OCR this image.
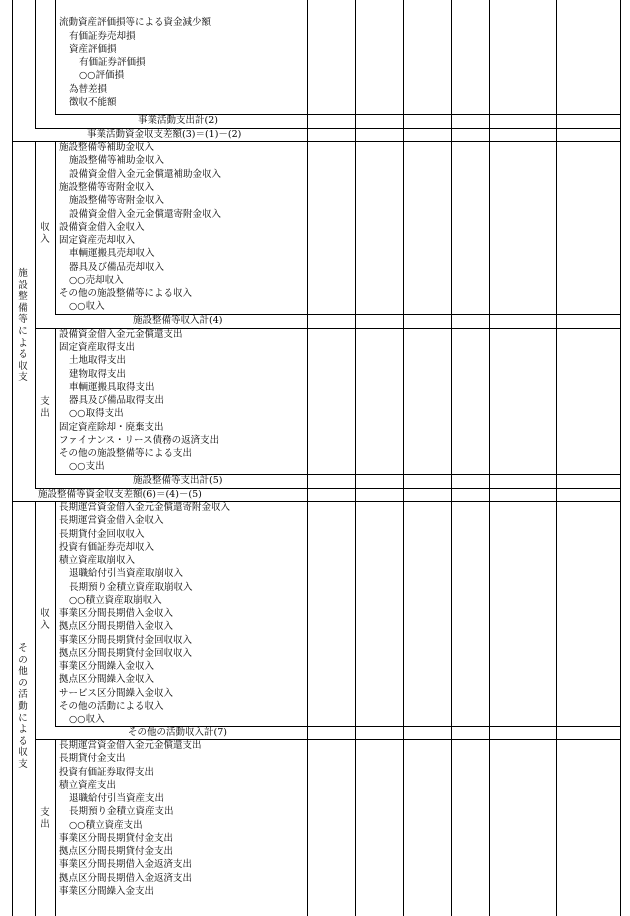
流動資産評価損等による資金減少額
有価証券売却損
資産評価損
有価証券評価損
○○評価損
為替差損
徴収不能額
事業活動支出計(2)
事業活動資金収支差額(3)＝(1)－(2)
施設整備等による収支
収入
施設整備等補助金収入
施設整備等補助金収入
設備資金借入金元金償還補助金収入
施設整備等寄附金収入
施設整備等寄附金収入
設備資金借入金元金償還寄附金収入
設備資金借入金収入
固定資産売却収入
車輌運搬具売却収入
器具及び備品売却収入
○○売却収入
その他の施設整備等による収入
○○収入
施設整備等収入計(4)
支出
設備資金借入金元金償還支出
固定資産取得支出
土地取得支出
建物取得支出
車輌運搬具取得支出
器具及び備品取得支出
○○取得支出
固定資産除却・廃棄支出
ファイナンス・リース債務の返済支出
その他の施設整備等による支出
○○支出
施設整備等支出計(5)
施設整備等資金収支差額(6)＝(4)－(5)
その他の活動による収支
収入
長期運営資金借入金元金償還寄附金収入
長期運営資金借入金収入
長期貸付金回収収入
投資有価証券売却収入
積立資産取崩収入
退職給付引当資産取崩収入
長期預り金積立資産取崩収入
○○積立資産取崩収入
事業区分間長期借入金収入
拠点区分間長期借入金収入
事業区分間長期貸付金回収収入
拠点区分間長期貸付金回収収入
事業区分間繰入金収入
拠点区分間繰入金収入
サービス区分間繰入金収入
その他の活動による収入
○○収入
その他の活動収入計(7)
支出
長期運営資金借入金元金償還支出
長期貸付金支出
投資有価証券取得支出
積立資産支出
退職給付引当資産支出
長期預り金積立資産支出
○○積立資産支出
事業区分間長期貸付金支出
拠点区分間長期貸付金支出
事業区分間長期借入金返済支出
拠点区分間長期借入金返済支出
事業区分間繰入金支出
